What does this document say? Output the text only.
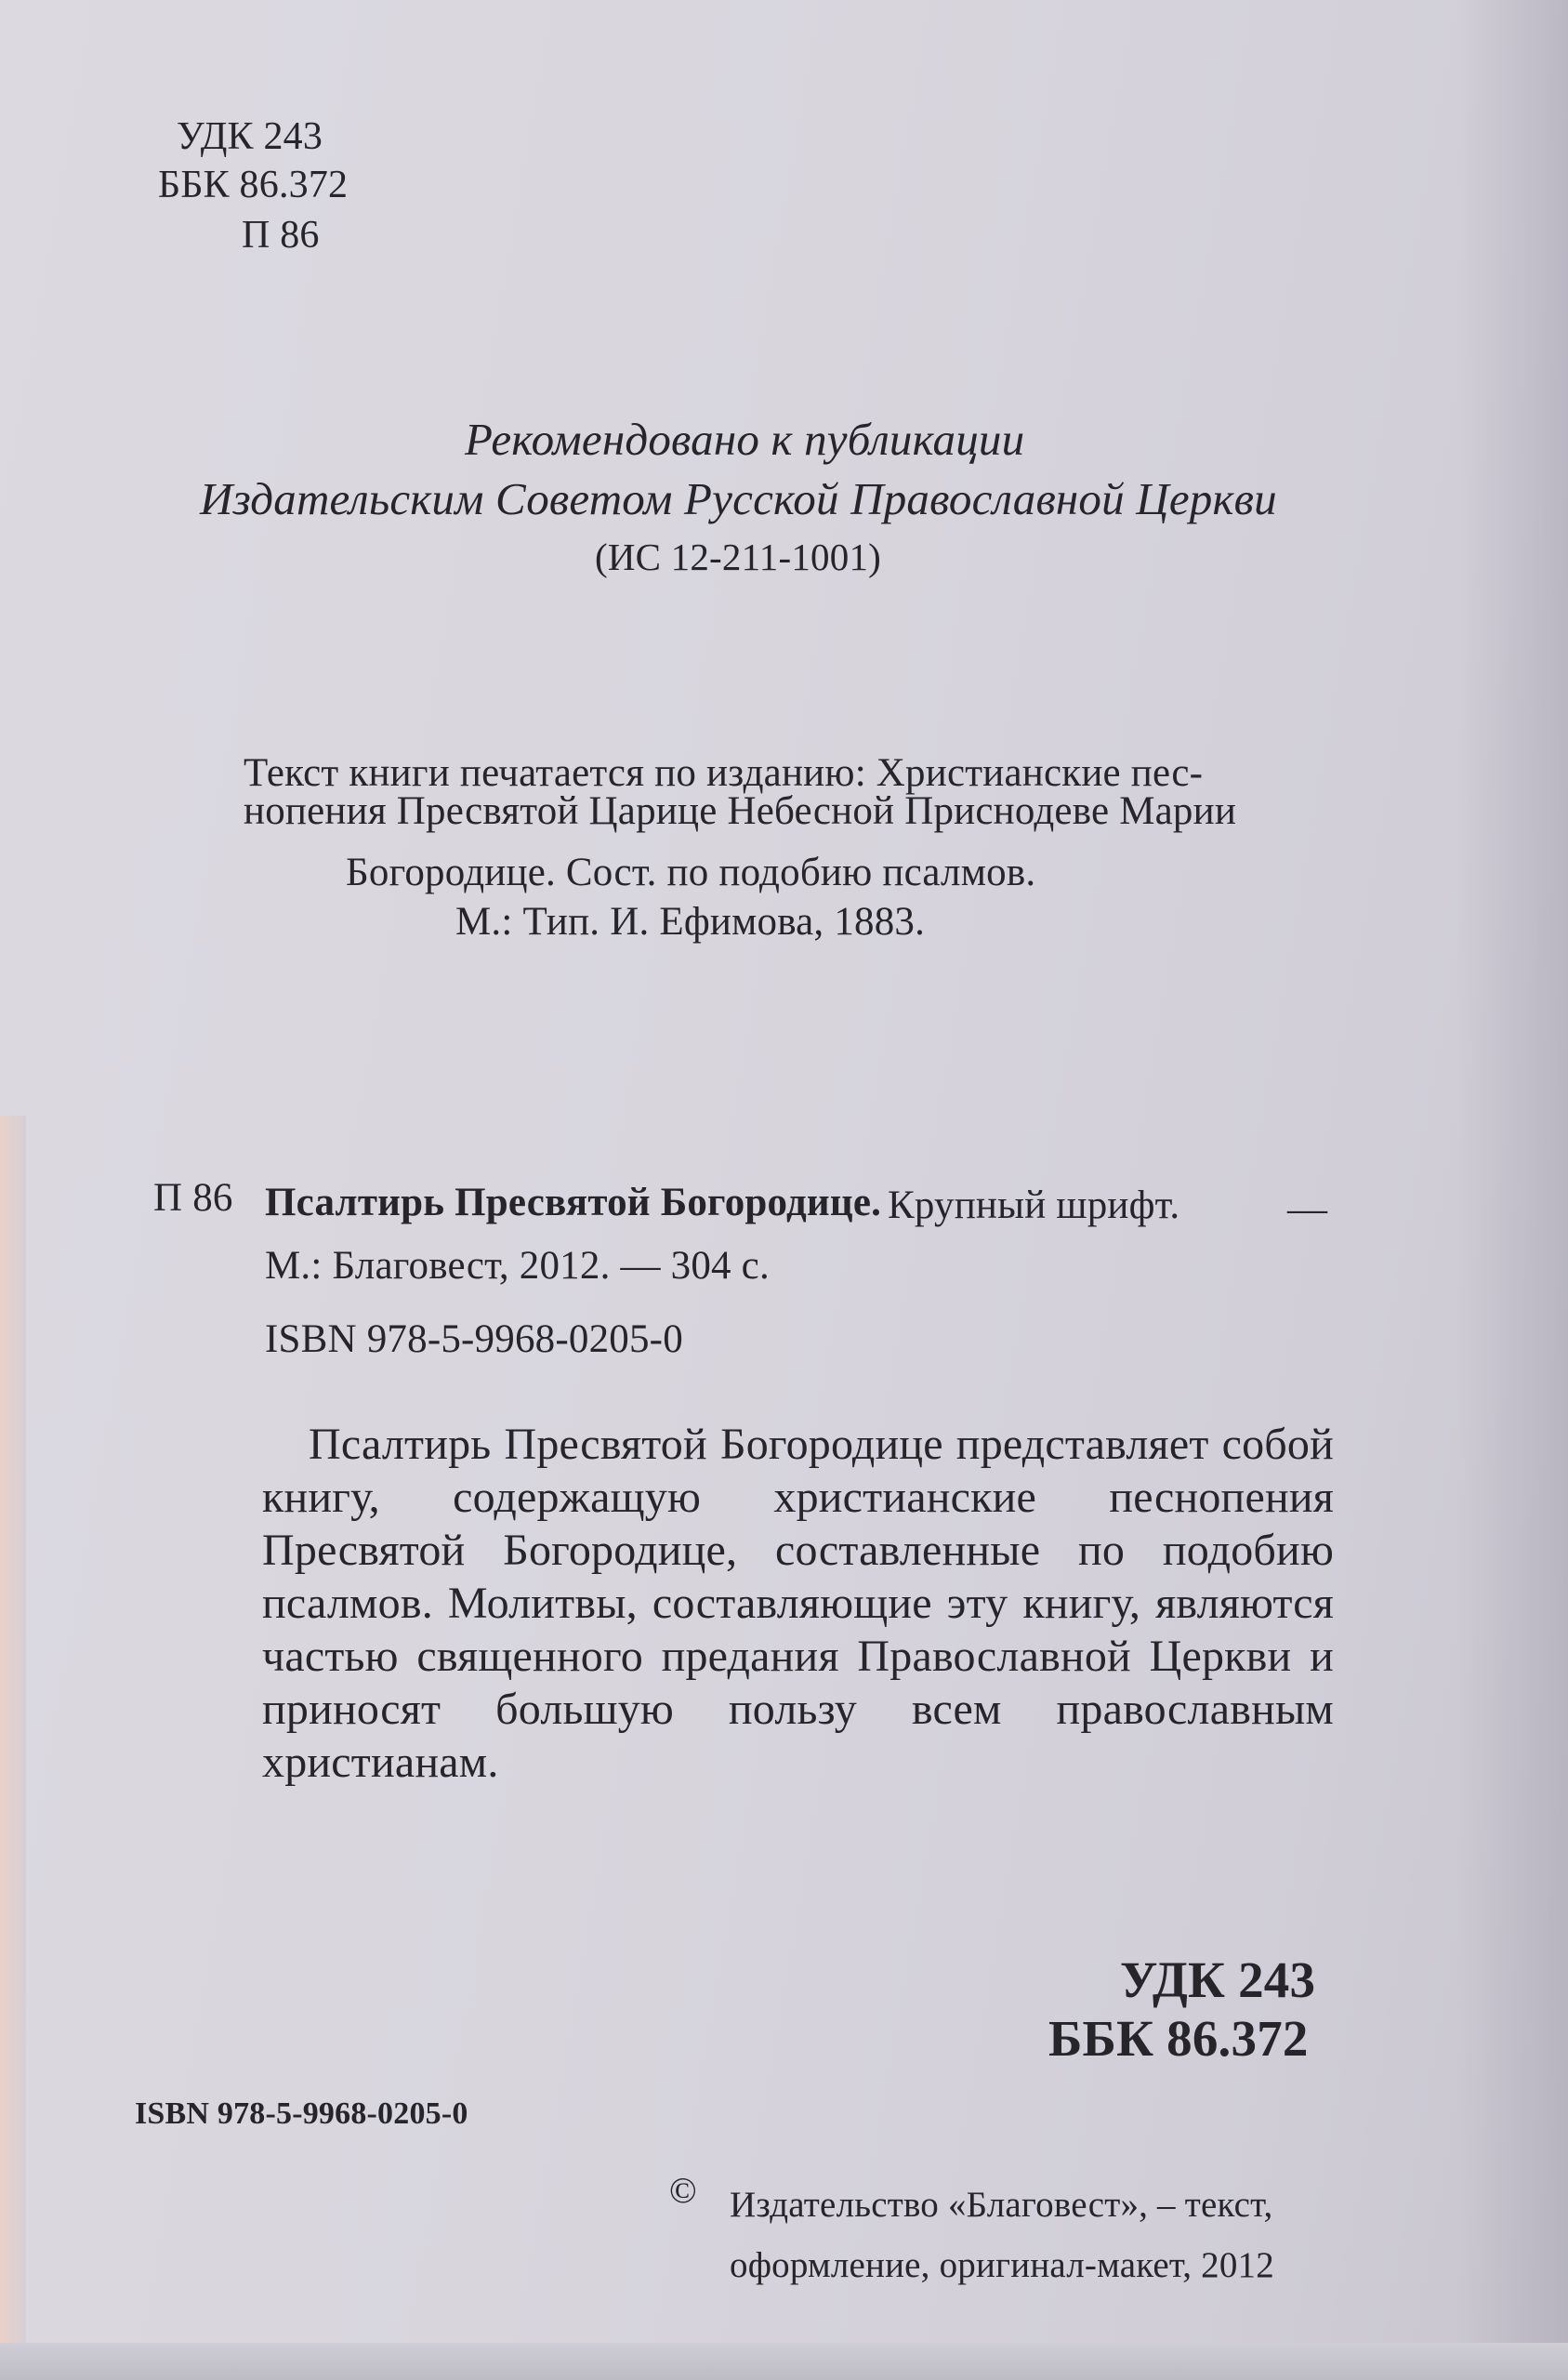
УДК 243
ББК 86.372
П 86
Рекомендовано к публикации
Издательским Советом Русской Православной Церкви
(ИС 12-211-1001)
Текст книги печатается по изданию: Христианские пес-
нопения Пресвятой Царице Небесной Приснодеве Марии
Богородице. Сост. по подобию псалмов.
М.: Тип. И. Ефимова, 1883.
П 86 Псалтирь Пресвятой Богородице. Крупный шрифт.	—
М.: Благовест, 2012. — 304 с.
ISBN 978-5-9968-0205-0
Псалтирь Пресвятой Богородице представляет собой книгу, содержащую христианские песнопения Пресвятой Богородице, составленные по подобию псалмов. Молитвы, составляющие эту книгу, являются частью священного предания Православной Церкви и приносят большую пользу всем православным христианам.
УДК 243
ББК 86.372
ISBN 978-5-9968-0205-0
© Издательство «Благовест», – текст,
оформление, оригинал-макет, 2012
